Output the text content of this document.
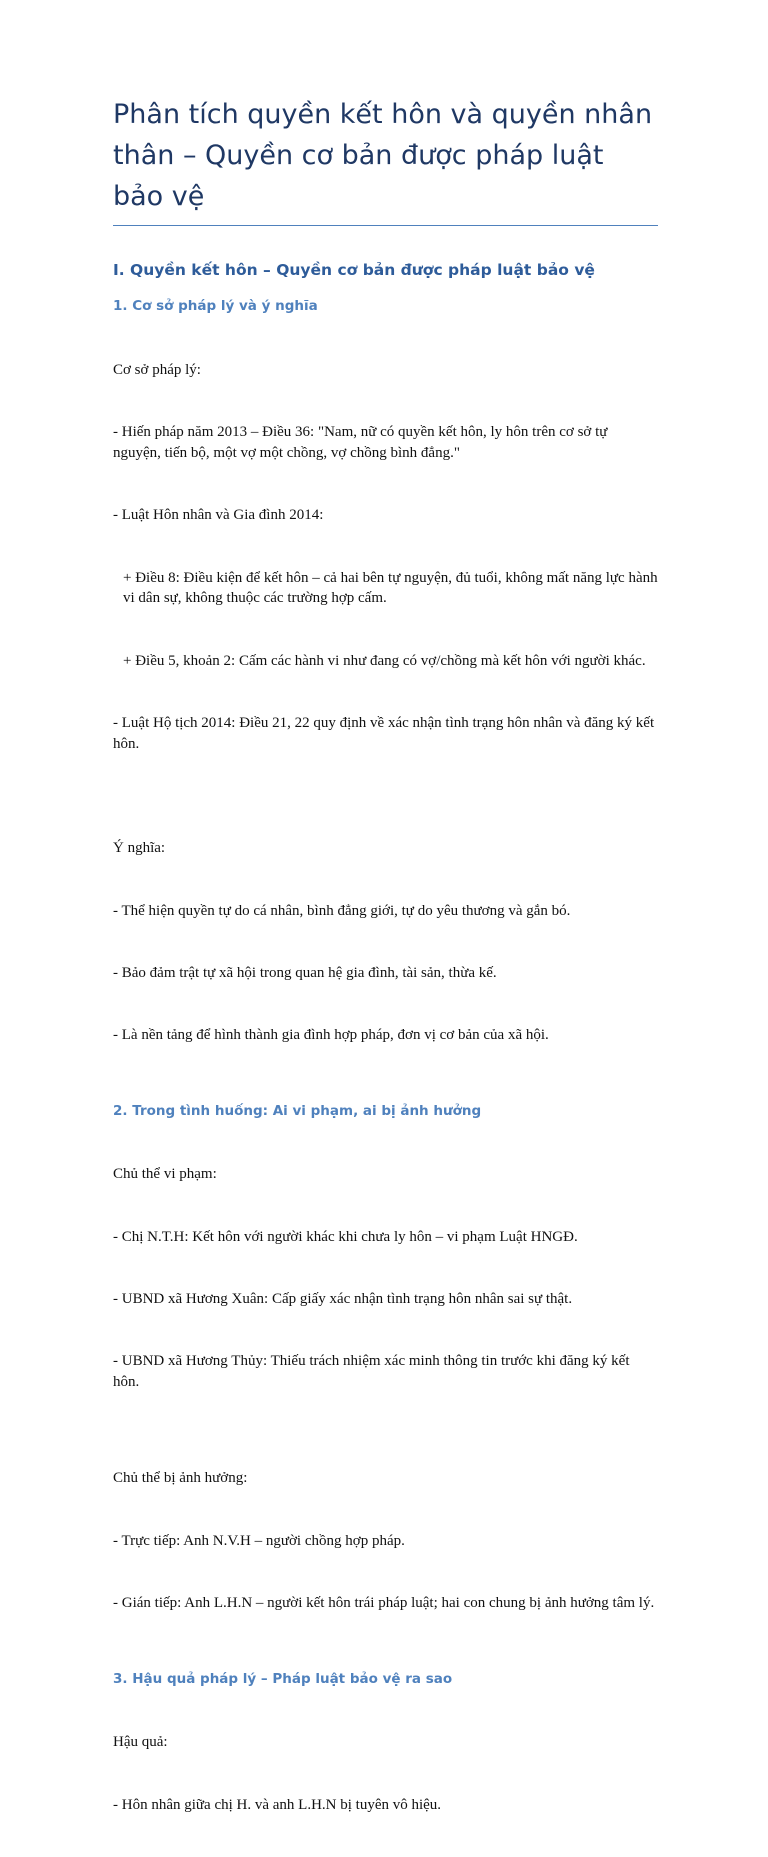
Phân tích quyền kết hôn và quyền nhân thân – Quyền cơ bản được pháp luật bảo vệ
I. Quyền kết hôn – Quyền cơ bản được pháp luật bảo vệ
1. Cơ sở pháp lý và ý nghĩa

Cơ sở pháp lý:

- Hiến pháp năm 2013 – Điều 36: "Nam, nữ có quyền kết hôn, ly hôn trên cơ sở tự nguyện, tiến bộ, một vợ một chồng, vợ chồng bình đẳng."

- Luật Hôn nhân và Gia đình 2014:

+ Điều 8: Điều kiện để kết hôn – cả hai bên tự nguyện, đủ tuổi, không mất năng lực hành vi dân sự, không thuộc các trường hợp cấm.

+ Điều 5, khoản 2: Cấm các hành vi như đang có vợ/chồng mà kết hôn với người khác.

- Luật Hộ tịch 2014: Điều 21, 22 quy định về xác nhận tình trạng hôn nhân và đăng ký kết hôn.

Ý nghĩa:

- Thể hiện quyền tự do cá nhân, bình đẳng giới, tự do yêu thương và gắn bó.

- Bảo đảm trật tự xã hội trong quan hệ gia đình, tài sản, thừa kế.

- Là nền tảng để hình thành gia đình hợp pháp, đơn vị cơ bản của xã hội.

2. Trong tình huống: Ai vi phạm, ai bị ảnh hưởng

Chủ thể vi phạm:

- Chị N.T.H: Kết hôn với người khác khi chưa ly hôn – vi phạm Luật HNGĐ.

- UBND xã Hương Xuân: Cấp giấy xác nhận tình trạng hôn nhân sai sự thật.

- UBND xã Hương Thủy: Thiếu trách nhiệm xác minh thông tin trước khi đăng ký kết hôn.

Chủ thể bị ảnh hưởng:

- Trực tiếp: Anh N.V.H – người chồng hợp pháp.

- Gián tiếp: Anh L.H.N – người kết hôn trái pháp luật; hai con chung bị ảnh hưởng tâm lý.

3. Hậu quả pháp lý – Pháp luật bảo vệ ra sao

Hậu quả:

- Hôn nhân giữa chị H. và anh L.H.N bị tuyên vô hiệu.
